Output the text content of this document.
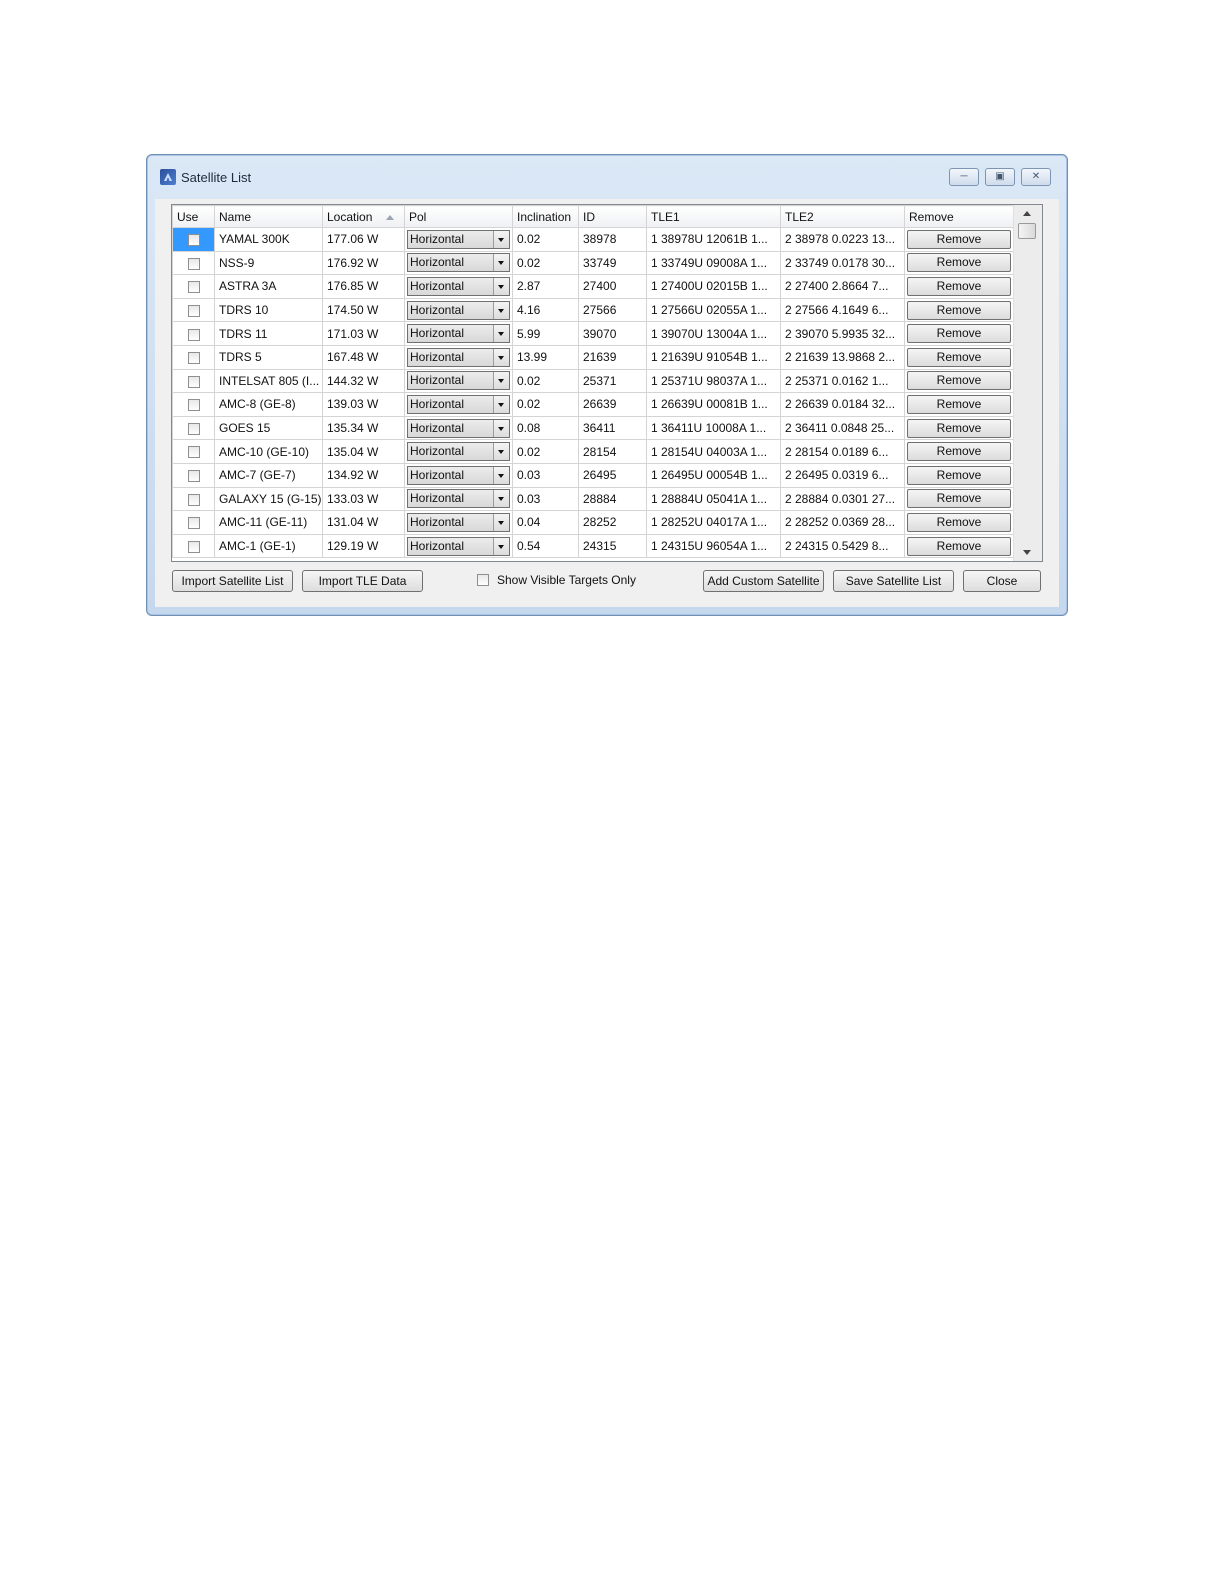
Satellite List	─	▣	✕
Use	Name	Location	Pol	Inclination	ID	TLE1	TLE2	Remove
	YAMAL 300K	177.06 W	Horizontal	0.02	38978	1 38978U 12061B 1...	2 38978 0.0223 13...	Remove

	NSS-9	176.92 W	Horizontal	0.02	33749	1 33749U 09008A 1...	2 33749 0.0178 30...	Remove

	ASTRA 3A	176.85 W	Horizontal	2.87	27400	1 27400U 02015B 1...	2 27400 2.8664 7...	Remove

	TDRS 10	174.50 W	Horizontal	4.16	27566	1 27566U 02055A 1...	2 27566 4.1649 6...	Remove

	TDRS 11	171.03 W	Horizontal	5.99	39070	1 39070U 13004A 1...	2 39070 5.9935 32...	Remove

	TDRS 5	167.48 W	Horizontal	13.99	21639	1 21639U 91054B 1...	2 21639 13.9868 2...	Remove

	INTELSAT 805 (I...	144.32 W	Horizontal	0.02	25371	1 25371U 98037A 1...	2 25371 0.0162 1...	Remove

	AMC-8 (GE-8)	139.03 W	Horizontal	0.02	26639	1 26639U 00081B 1...	2 26639 0.0184 32...	Remove

	GOES 15	135.34 W	Horizontal	0.08	36411	1 36411U 10008A 1...	2 36411 0.0848 25...	Remove

	AMC-10 (GE-10)	135.04 W	Horizontal	0.02	28154	1 28154U 04003A 1...	2 28154 0.0189 6...	Remove

	AMC-7 (GE-7)	134.92 W	Horizontal	0.03	26495	1 26495U 00054B 1...	2 26495 0.0319 6...	Remove

	GALAXY 15 (G-15)	133.03 W	Horizontal	0.03	28884	1 28884U 05041A 1...	2 28884 0.0301 27...	Remove

	AMC-11 (GE-11)	131.04 W	Horizontal	0.04	28252	1 28252U 04017A 1...	2 28252 0.0369 28...	Remove

	AMC-1 (GE-1)	129.19 W	Horizontal	0.54	24315	1 24315U 96054A 1...	2 24315 0.5429 8...	Remove
Import Satellite List	Import TLE Data	Show Visible Targets Only	Add Custom Satellite	Save Satellite List	Close
